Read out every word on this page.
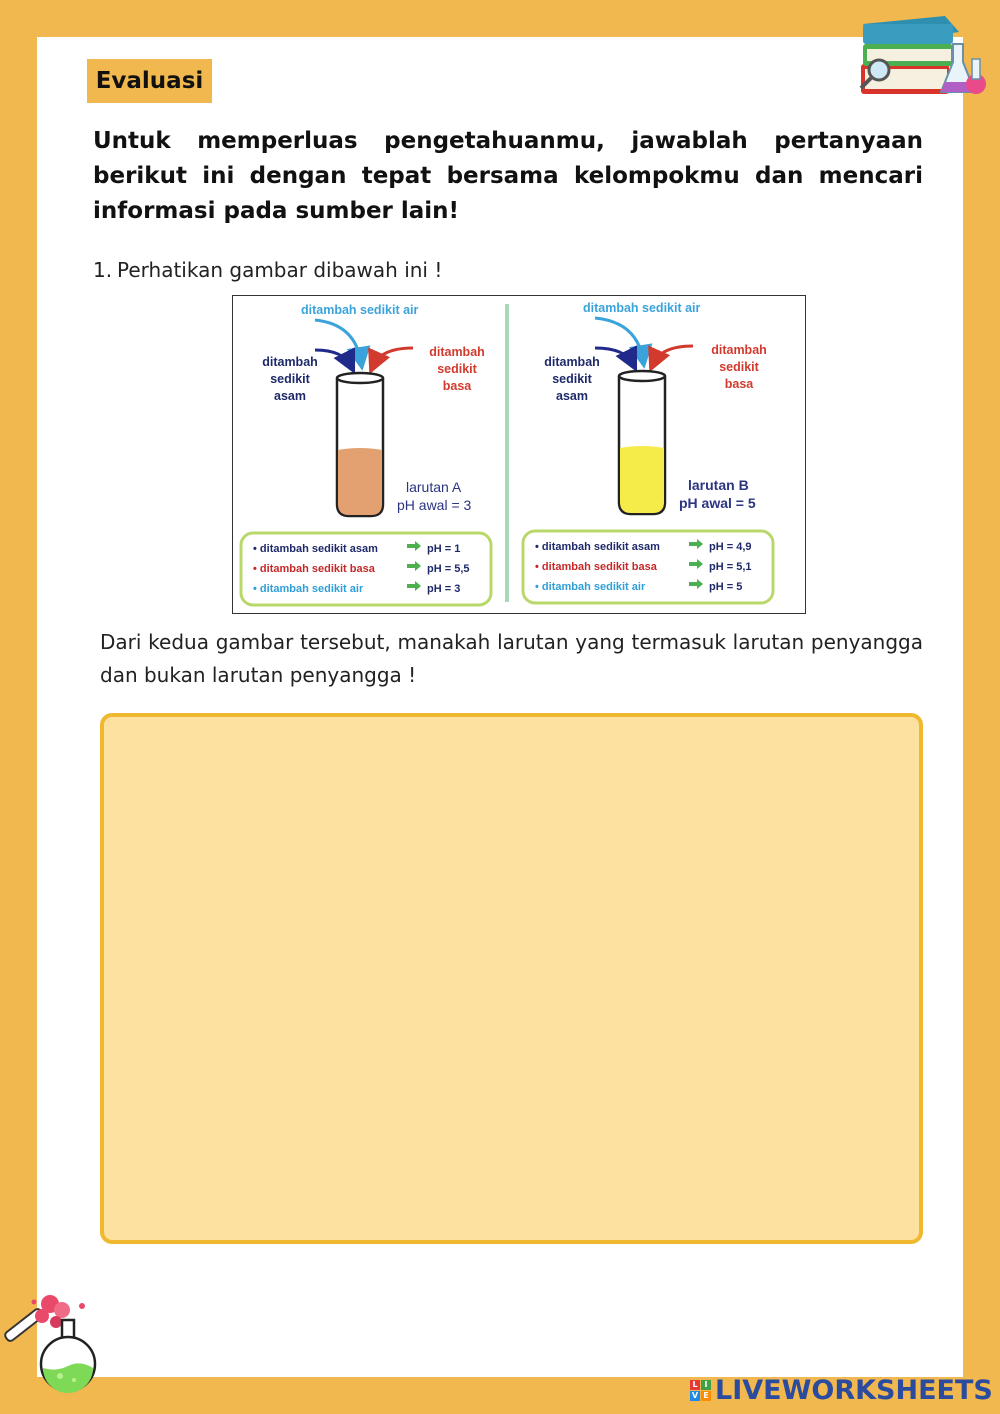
Evaluasi

Untuk memperluas pengetahuanmu, jawablah pertanyaan berikut ini dengan tepat bersama kelompokmu dan mencari informasi pada sumber lain!

1. Perhatikan gambar dibawah ini !
ditambah sedikit air
ditambah
sedikit
asam
ditambah
sedikit
basa
larutan A
pH awal = 3
• ditambah sedikit asam
• ditambah sedikit basa
• ditambah sedikit air
pH = 1
pH = 5,5
pH = 3
ditambah sedikit air
ditambah
sedikit
asam
ditambah
sedikit
basa
larutan B
pH awal = 5
• ditambah sedikit asam
• ditambah sedikit basa
• ditambah sedikit air
pH = 4,9
pH = 5,1
pH = 5

Dari kedua gambar tersebut, manakah larutan yang termasuk larutan penyangga dan bukan larutan penyangga !

L I
V E LIVEWORKSHEETS
